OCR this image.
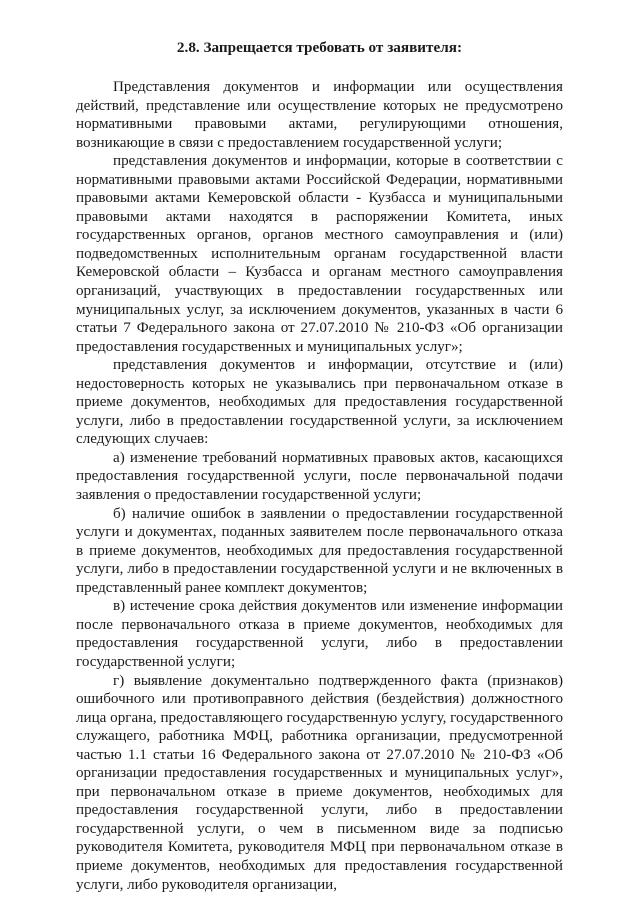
2.8. Запрещается требовать от заявителя:

Представления документов и информации или осуществления действий, представление или осуществление которых не предусмотрено нормативными правовыми актами, регулирующими отношения, возникающие в связи с предоставлением государственной услуги;

представления документов и информации, которые в соответствии с нормативными правовыми актами Российской Федерации, нормативными правовыми актами Кемеровской области - Кузбасса и муниципальными правовыми актами находятся в распоряжении Комитета, иных государственных органов, органов местного самоуправления и (или) подведомственных исполнительным органам государственной власти Кемеровской области – Кузбасса и органам местного самоуправления организаций, участвующих в предоставлении государственных или муниципальных услуг, за исключением документов, указанных в части 6 статьи 7 Федерального закона от 27.07.2010 № 210-ФЗ «Об организации предоставления государственных и муниципальных услуг»;

представления документов и информации, отсутствие и (или) недостоверность которых не указывались при первоначальном отказе в приеме документов, необходимых для предоставления государственной услуги, либо в предоставлении государственной услуги, за исключением следующих случаев:

а) изменение требований нормативных правовых актов, касающихся предоставления государственной услуги, после первоначальной подачи заявления о предоставлении государственной услуги;

б) наличие ошибок в заявлении о предоставлении государственной услуги и документах, поданных заявителем после первоначального отказа в приеме документов, необходимых для предоставления государственной услуги, либо в предоставлении государственной услуги и не включенных в представленный ранее комплект документов;

в) истечение срока действия документов или изменение информации после первоначального отказа в приеме документов, необходимых для предоставления государственной услуги, либо в предоставлении государственной услуги;

г) выявление документально подтвержденного факта (признаков) ошибочного или противоправного действия (бездействия) должностного лица органа, предоставляющего государственную услугу, государственного служащего, работника МФЦ, работника организации, предусмотренной частью 1.1 статьи 16 Федерального закона от 27.07.2010 № 210-ФЗ «Об организации предоставления государственных и муниципальных услуг», при первоначальном отказе в приеме документов, необходимых для предоставления государственной услуги, либо в предоставлении государственной услуги, о чем в письменном виде за подписью руководителя Комитета, руководителя МФЦ при первоначальном отказе в приеме документов, необходимых для предоставления государственной услуги, либо руководителя организации,
